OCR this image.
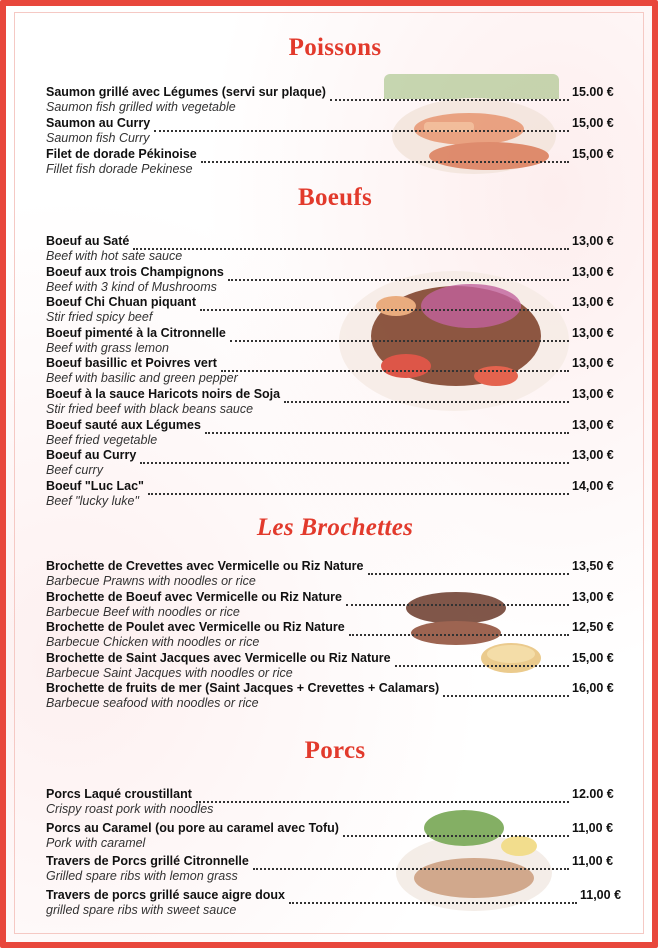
Poissons
Boeufs
Les Brochettes
Porcs
Saumon grillé avec Légumes (servi sur plaque)
Saumon fish grilled with vegetable
15.00 €
Saumon au Curry
Saumon fish Curry
15,00 €
Filet de dorade Pékinoise
Fillet fish dorade Pekinese
15,00 €
Boeuf au Saté
Beef with hot sate sauce
13,00 €
Boeuf aux trois Champignons
Beef with 3 kind of Mushrooms
13,00 €
Boeuf Chi Chuan piquant
Stir fried spicy beef
13,00 €
Boeuf pimenté à la Citronnelle
Beef with grass lemon
13,00 €
Boeuf basillic et Poivres vert
Beef with basilic and green pepper
13,00 €
Boeuf à la sauce Haricots noirs de Soja
Stir fried beef with black beans sauce
13,00 €
Boeuf sauté aux Légumes
Beef fried vegetable
13,00 €
Boeuf au Curry
Beef curry
13,00 €
Boeuf "Luc Lac"
Beef "lucky luke"
14,00 €
Brochette de Crevettes avec Vermicelle ou Riz Nature
Barbecue Prawns with noodles or rice
13,50 €
Brochette de Boeuf avec Vermicelle ou Riz Nature
Barbecue Beef with noodles or rice
13,00 €
Brochette de Poulet avec Vermicelle ou Riz Nature
Barbecue Chicken with noodles or rice
12,50 €
Brochette de Saint Jacques avec Vermicelle ou Riz Nature
Barbecue Saint Jacques with noodles or rice
15,00 €
Brochette de fruits de mer (Saint Jacques + Crevettes + Calamars)
Barbecue seafood with noodles or rice
16,00 €
Porcs Laqué croustillant
Crispy roast pork with noodles
12.00 €
Porcs au Caramel (ou pore au caramel avec Tofu)
Pork with caramel
11,00 €
Travers de Porcs grillé Citronnelle
Grilled spare ribs with lemon grass
11,00 €
Travers de porcs grillé sauce aigre doux
grilled spare ribs with sweet sauce
11,00 €
